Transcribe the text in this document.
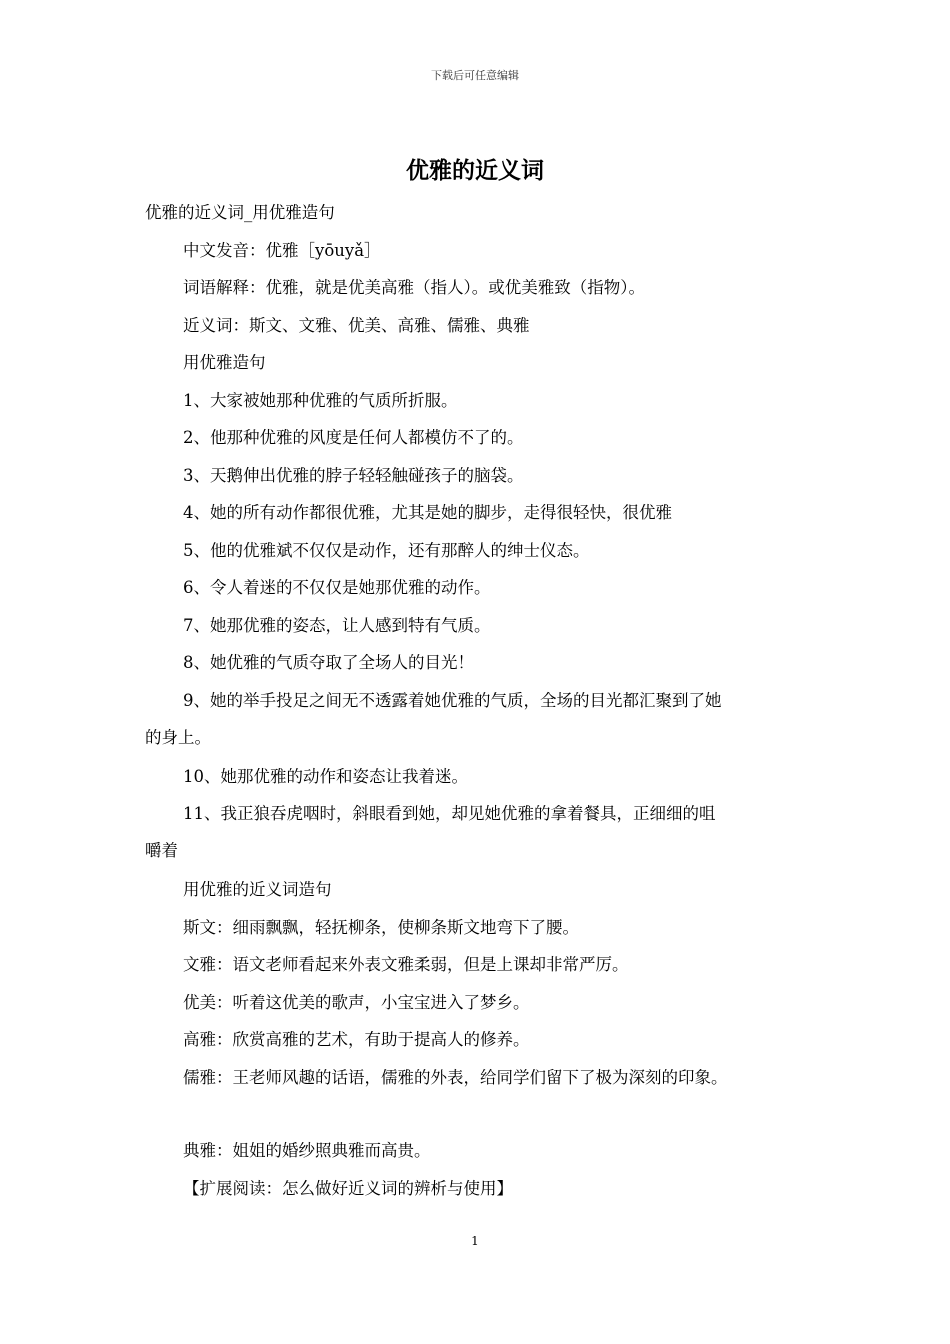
下载后可任意编辑
优雅的近义词
优雅的近义词_用优雅造句
中文发音：优雅［yōuyǎ］
词语解释：优雅，就是优美高雅（指人）。或优美雅致（指物）。
近义词：斯文、文雅、优美、高雅、儒雅、典雅
用优雅造句
1、大家被她那种优雅的气质所折服。
2、他那种优雅的风度是任何人都模仿不了的。
3、天鹅伸出优雅的脖子轻轻触碰孩子的脑袋。
4、她的所有动作都很优雅，尤其是她的脚步，走得很轻快，很优雅
5、他的优雅斌不仅仅是动作，还有那醉人的绅士仪态。
6、令人着迷的不仅仅是她那优雅的动作。
7、她那优雅的姿态，让人感到特有气质。
8、她优雅的气质夺取了全场人的目光！
9、她的举手投足之间无不透露着她优雅的气质，全场的目光都汇聚到了她
的身上。
10、她那优雅的动作和姿态让我着迷。
11、我正狼吞虎咽时，斜眼看到她，却见她优雅的拿着餐具，正细细的咀
嚼着
用优雅的近义词造句
斯文：细雨飘飘，轻抚柳条，使柳条斯文地弯下了腰。
文雅：语文老师看起来外表文雅柔弱，但是上课却非常严厉。
优美：听着这优美的歌声，小宝宝进入了梦乡。
高雅：欣赏高雅的艺术，有助于提高人的修养。
儒雅：王老师风趣的话语，儒雅的外表，给同学们留下了极为深刻的印象。
典雅：姐姐的婚纱照典雅而高贵。
【扩展阅读：怎么做好近义词的辨析与使用】
1
